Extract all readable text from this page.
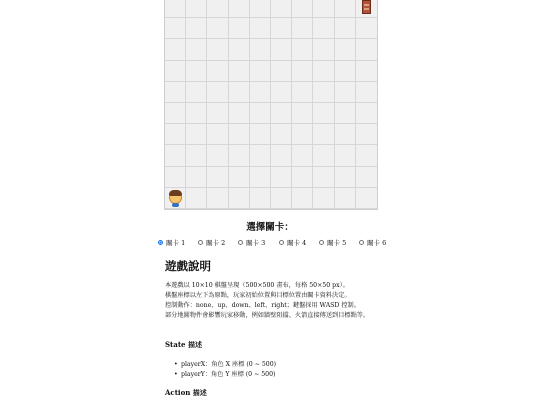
選擇關卡：
關卡 1	關卡 2	關卡 3	關卡 4	關卡 5	關卡 6
遊戲說明
本遊戲以 10×10 棋盤呈現（500×500 畫布，每格 50×50 px）。
棋盤座標以左下為原點，玩家初始位置與目標位置由關卡資料決定。
控制動作：none、up、down、left、right；鍵盤採用 WASD 控制。
部分地圖物件會影響玩家移動，例如牆壁阻擋、火箭直接傳送到目標點等。
State 描述
• playerX：角色 X 座標 (0 ~ 500)
• playerY：角色 Y 座標 (0 ~ 500)
Action 描述
